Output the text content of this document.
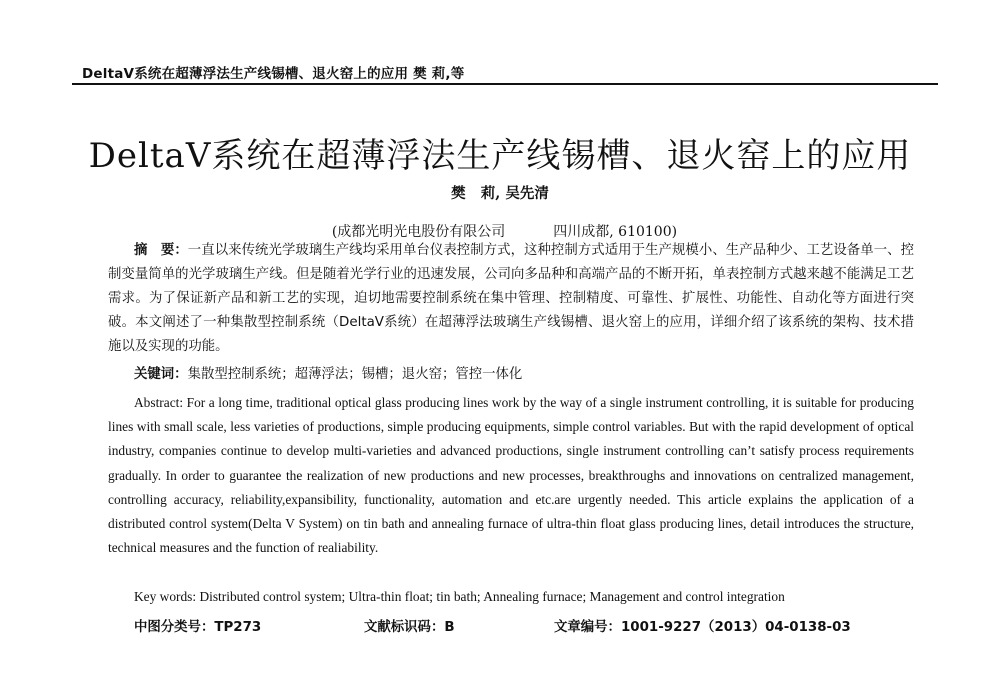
DeltaV系统在超薄浮法生产线锡槽、退火窑上的应用 樊 莉,等
DeltaV系统在超薄浮法生产线锡槽、退火窑上的应用
樊   莉, 吴先清

(成都光明光电股份有限公司	四川成都, 610100)

摘　要：一直以来传统光学玻璃生产线均采用单台仪表控制方式，这种控制方式适用于生产规模小、生产品种少、工艺设备单一、控制变量简单的光学玻璃生产线。但是随着光学行业的迅速发展，公司向多品种和高端产品的不断开拓，单表控制方式越来越不能满足工艺需求。为了保证新产品和新工艺的实现，迫切地需要控制系统在集中管理、控制精度、可靠性、扩展性、功能性、自动化等方面进行突破。本文阐述了一种集散型控制系统（DeltaV系统）在超薄浮法玻璃生产线锡槽、退火窑上的应用，详细介绍了该系统的架构、技术措施以及实现的功能。
关键词：集散型控制系统；超薄浮法；锡槽；退火窑；管控一体化
Abstract: For a long time, traditional optical glass producing lines work by the way of a single instrument controlling, it is suitable for producing lines with small scale, less varieties of productions, simple producing equipments, simple control variables. But with the rapid development of optical industry, companies continue to develop multi-varieties and advanced productions, single instrument controlling can’t satisfy process requirements gradually. In order to guarantee the realization of new productions and new processes, breakthroughs and innovations on centralized management, controlling accuracy, reliability,expansibility, functionality, automation and etc.are urgently needed. This article explains the application of a distributed control system(Delta V System) on tin bath and annealing furnace of ultra-thin float glass producing lines, detail introduces the structure, technical measures and the function of realiability.
Key words: Distributed control system; Ultra-thin float; tin bath; Annealing furnace; Management and control integration
中图分类号：TP273	文献标识码：B	文章编号：1001-9227（2013）04-0138-03
